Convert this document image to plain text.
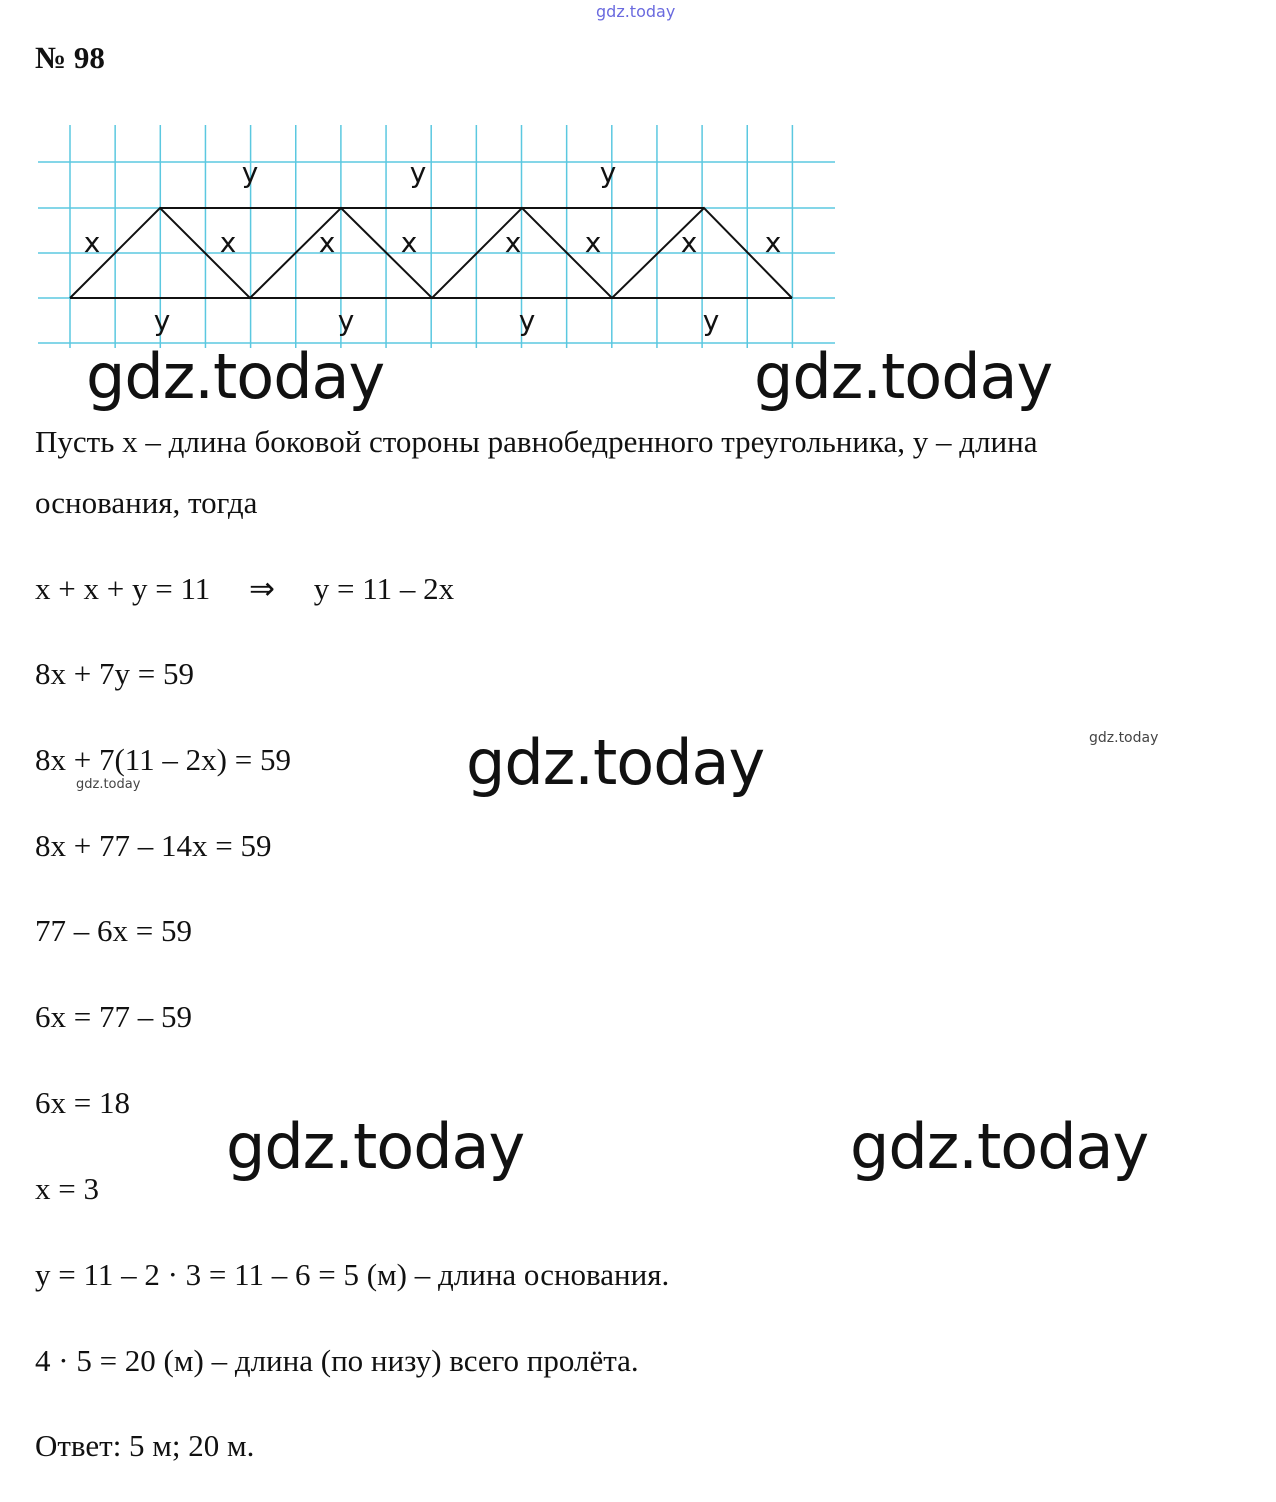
y	y	y
x	x	x x	x x	x x
y	y	y	y
gdz.today
№ 98
gdz.today	gdz.today
Пусть x – длина боковой стороны равнобедренного треугольника, y – длина
основания, тогда
x + x + y = 11     ⇒     y = 11 – 2x
8x + 7y = 59
8x + 7(11 – 2x) = 59
8x + 77 – 14x = 59
77 – 6x = 59
6x = 77 – 59
6x = 18
x = 3
y = 11 – 2 · 3 = 11 – 6 = 5 (м) – длина основания.
4 · 5 = 20 (м) – длина (по низу) всего пролёта.
Ответ: 5 м; 20 м.
gdz.today	gdz.today
gdz.today
gdz.today	gdz.today
